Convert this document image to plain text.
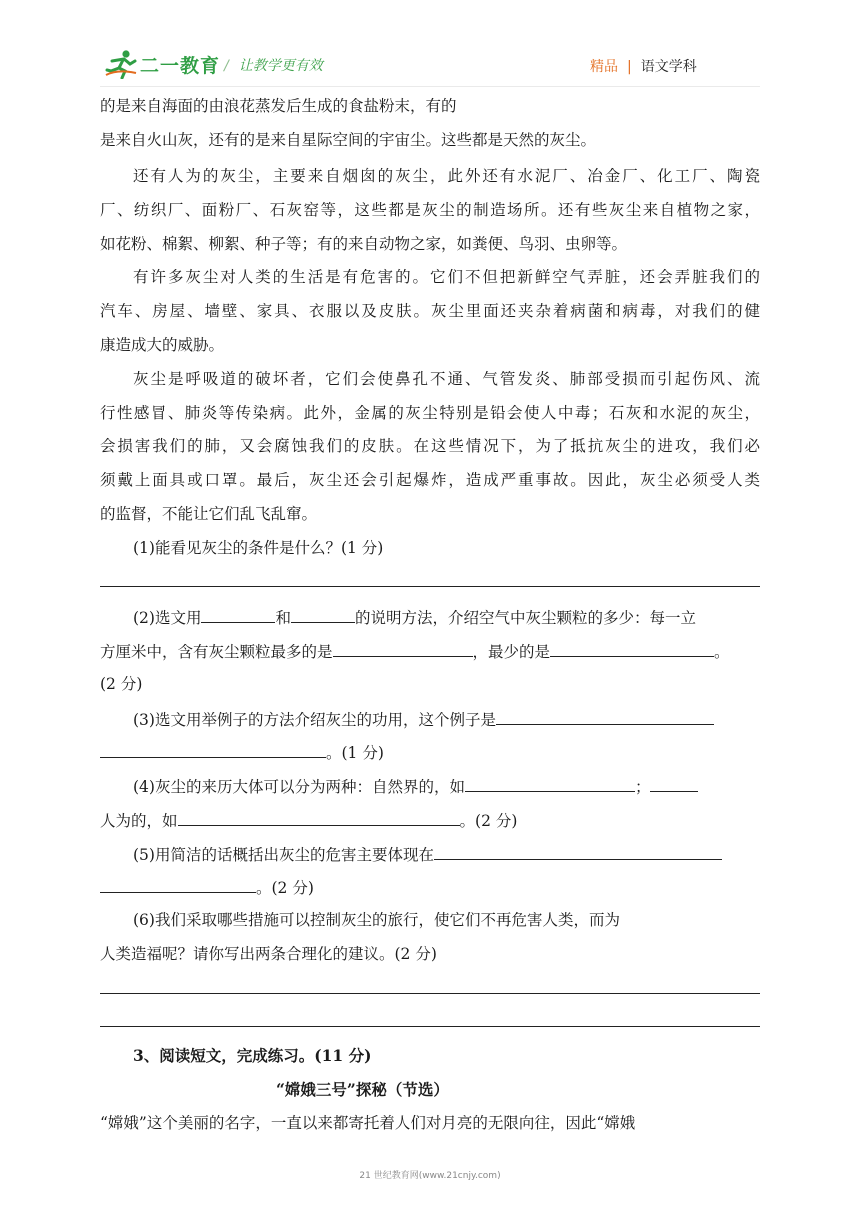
二一教育 / 让教学更有效	精品 | 语文学科
的是来自海面的由浪花蒸发后生成的食盐粉末，有的
是来自火山灰，还有的是来自星际空间的宇宙尘。这些都是天然的灰尘。
还有人为的灰尘，主要来自烟囱的灰尘，此外还有水泥厂、冶金厂、化工厂、陶瓷
厂、纺织厂、面粉厂、石灰窑等，这些都是灰尘的制造场所。还有些灰尘来自植物之家，
如花粉、棉絮、柳絮、种子等；有的来自动物之家，如粪便、鸟羽、虫卵等。
有许多灰尘对人类的生活是有危害的。它们不但把新鲜空气弄脏，还会弄脏我们的
汽车、房屋、墙壁、家具、衣服以及皮肤。灰尘里面还夹杂着病菌和病毒，对我们的健
康造成大的威胁。
灰尘是呼吸道的破坏者，它们会使鼻孔不通、气管发炎、肺部受损而引起伤风、流
行性感冒、肺炎等传染病。此外，金属的灰尘特别是铅会使人中毒；石灰和水泥的灰尘，
会损害我们的肺，又会腐蚀我们的皮肤。在这些情况下，为了抵抗灰尘的进攻，我们必
须戴上面具或口罩。最后，灰尘还会引起爆炸，造成严重事故。因此，灰尘必须受人类
的监督，不能让它们乱飞乱窜。
(1)能看见灰尘的条件是什么？(1 分)
(2)选文用	和	的说明方法，介绍空气中灰尘颗粒的多少：每一立
方厘米中，含有灰尘颗粒最多的是	，最少的是	。
(2 分)
(3)选文用举例子的方法介绍灰尘的功用，这个例子是
。(1 分)
(4)灰尘的来历大体可以分为两种：自然界的，如	；
人为的，如	。(2 分)
(5)用简洁的话概括出灰尘的危害主要体现在
。(2 分)
(6)我们采取哪些措施可以控制灰尘的旅行，使它们不再危害人类，而为
人类造福呢？请你写出两条合理化的建议。(2 分)
3、阅读短文，完成练习。(11 分)
“嫦娥三号”探秘（节选）
“嫦娥”这个美丽的名字，一直以来都寄托着人们对月亮的无限向往，因此“嫦娥
21 世纪教育网(www.21cnjy.com)
